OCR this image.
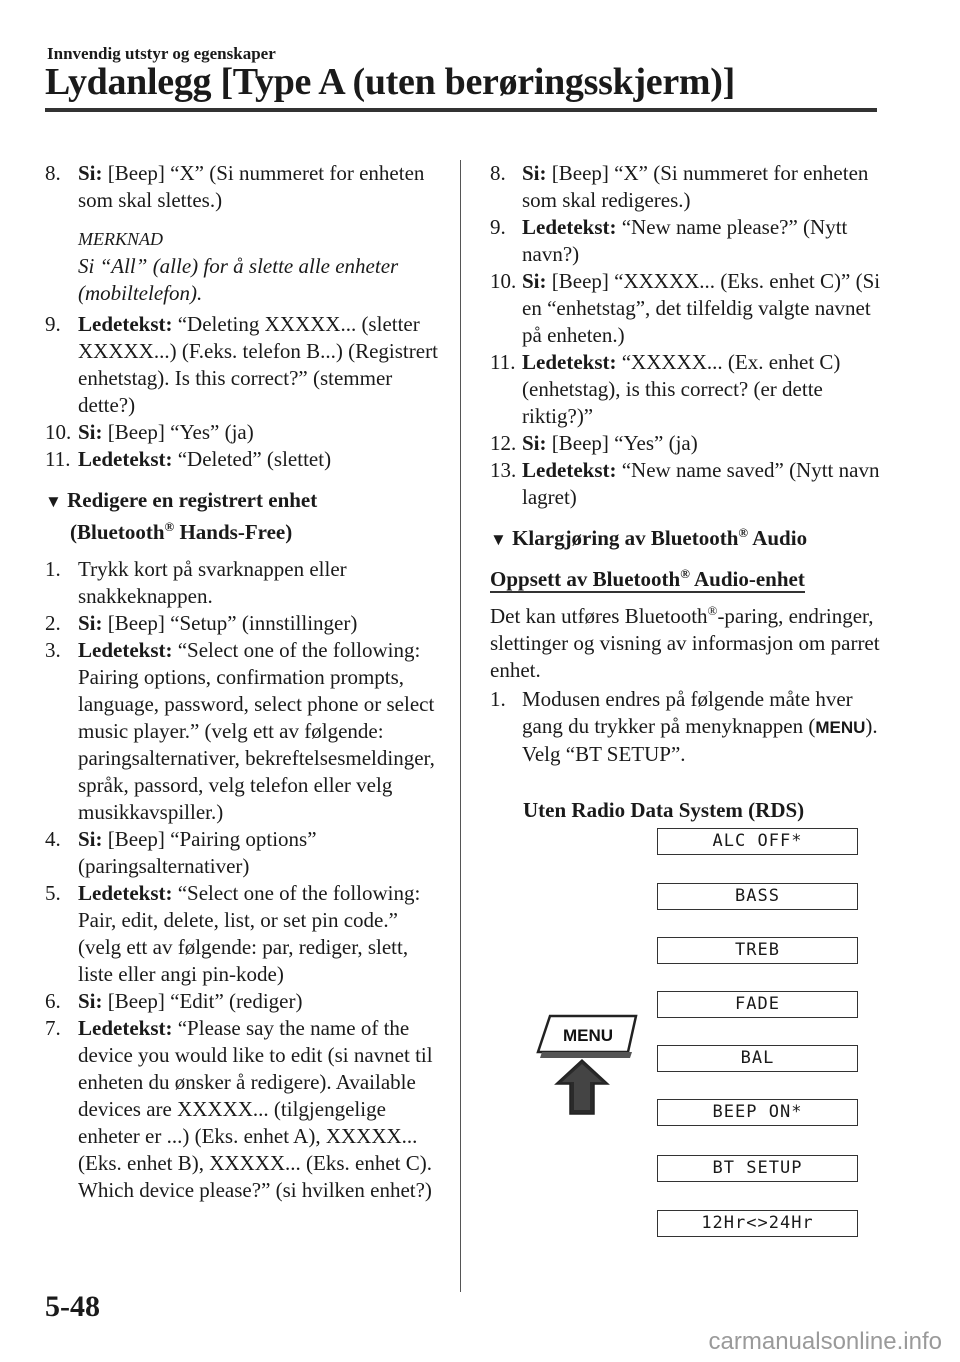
Innvendig utstyr og egenskaper
Lydanlegg [Type A (uten berøringsskjerm)]
8. Si: [Beep] “X” (Si nummeret for enheten som skal slettes.)
MERKNAD
Si “All” (alle) for å slette alle enheter (mobiltelefon).
9. Ledetekst: “Deleting XXXXX... (sletter XXXXX...) (F.eks. telefon B...) (Registrert enhetstag). Is this correct?” (stemmer dette?)
10. Si: [Beep] “Yes” (ja)
11. Ledetekst: “Deleted” (slettet)
▼ Redigere en registrert enhet
(Bluetooth® Hands-Free)
1. Trykk kort på svarknappen eller snakkeknappen.
2. Si: [Beep] “Setup” (innstillinger)
3. Ledetekst: “Select one of the following: Pairing options, confirmation prompts, language, password, select phone or select music player.” (velg ett av følgende: paringsalternativer, bekreftelsesmeldinger, språk, passord, velg telefon eller velg musikkavspiller.)
4. Si: [Beep] “Pairing options” (paringsalternativer)
5. Ledetekst: “Select one of the following: Pair, edit, delete, list, or set pin code.” (velg ett av følgende: par, rediger, slett, liste eller angi pin-kode)
6. Si: [Beep] “Edit” (rediger)
7. Ledetekst: “Please say the name of the device you would like to edit (si navnet til enheten du ønsker å redigere). Available devices are XXXXX... (tilgjengelige enheter er ...) (Eks. enhet A), XXXXX... (Eks. enhet B), XXXXX... (Eks. enhet C). Which device please?” (si hvilken enhet?)
8. Si: [Beep] “X” (Si nummeret for enheten som skal redigeres.)
9. Ledetekst: “New name please?” (Nytt navn?)
10. Si: [Beep] “XXXXX... (Eks. enhet C)” (Si en “enhetstag”, det tilfeldig valgte navnet på enheten.)
11. Ledetekst: “XXXXX... (Ex. enhet C) (enhetstag), is this correct? (er dette riktig?)”
12. Si: [Beep] “Yes” (ja)
13. Ledetekst: “New name saved” (Nytt navn lagret)
▼ Klargjøring av Bluetooth® Audio
Oppsett av Bluetooth® Audio-enhet
Det kan utføres Bluetooth®-paring, endringer, slettinger og visning av informasjon om parret enhet.
1. Modusen endres på følgende måte hver gang du trykker på menyknappen (MENU). Velg “BT SETUP”.
Uten Radio Data System (RDS)
ALC OFF*
BASS
TREB
FADE
BAL
BEEP ON*
BT SETUP
12Hr<>24Hr
MENU
5-48
carmanualsonline.info
